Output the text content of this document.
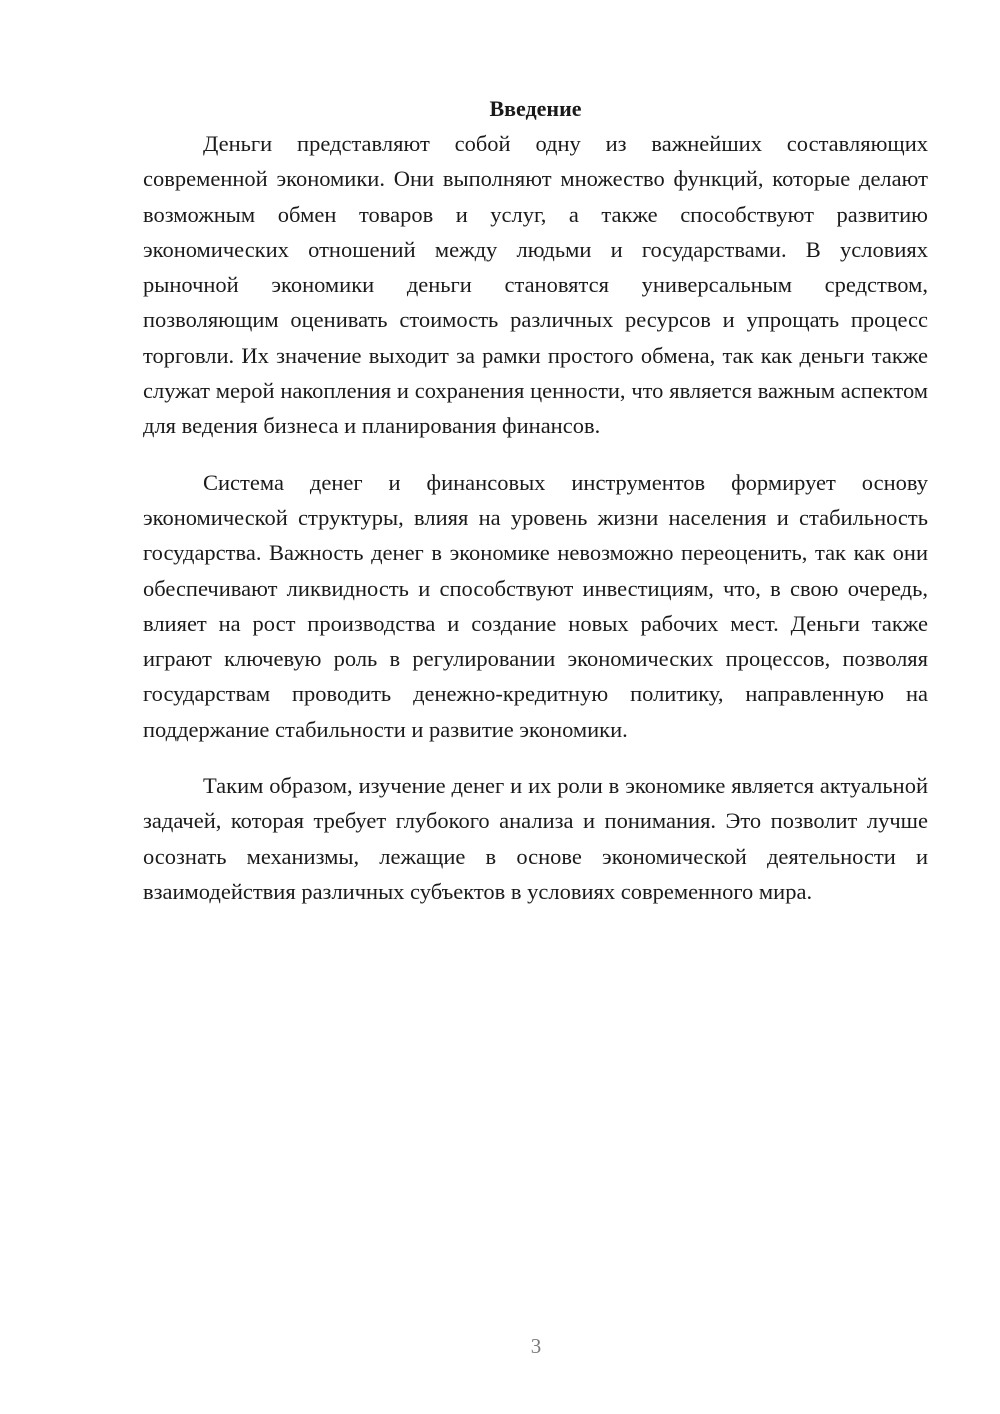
Введение

Деньги представляют собой одну из важнейших составляющих современной экономики. Они выполняют множество функций, которые делают возможным обмен товаров и услуг, а также способствуют развитию экономических отношений между людьми и государствами. В условиях рыночной экономики деньги становятся универсальным средством, позволяющим оценивать стоимость различных ресурсов и упрощать процесс торговли. Их значение выходит за рамки простого обмена, так как деньги также служат мерой накопления и сохранения ценности, что является важным аспектом для ведения бизнеса и планирования финансов.

Система денег и финансовых инструментов формирует основу экономической структуры, влияя на уровень жизни населения и стабильность государства. Важность денег в экономике невозможно переоценить, так как они обеспечивают ликвидность и способствуют инвестициям, что, в свою очередь, влияет на рост производства и создание новых рабочих мест. Деньги также играют ключевую роль в регулировании экономических процессов, позволяя государствам проводить денежно-кредитную политику, направленную на поддержание стабильности и развитие экономики.

Таким образом, изучение денег и их роли в экономике является актуальной задачей, которая требует глубокого анализа и понимания. Это позволит лучше осознать механизмы, лежащие в основе экономической деятельности и взаимодействия различных субъектов в условиях современного мира.

3
